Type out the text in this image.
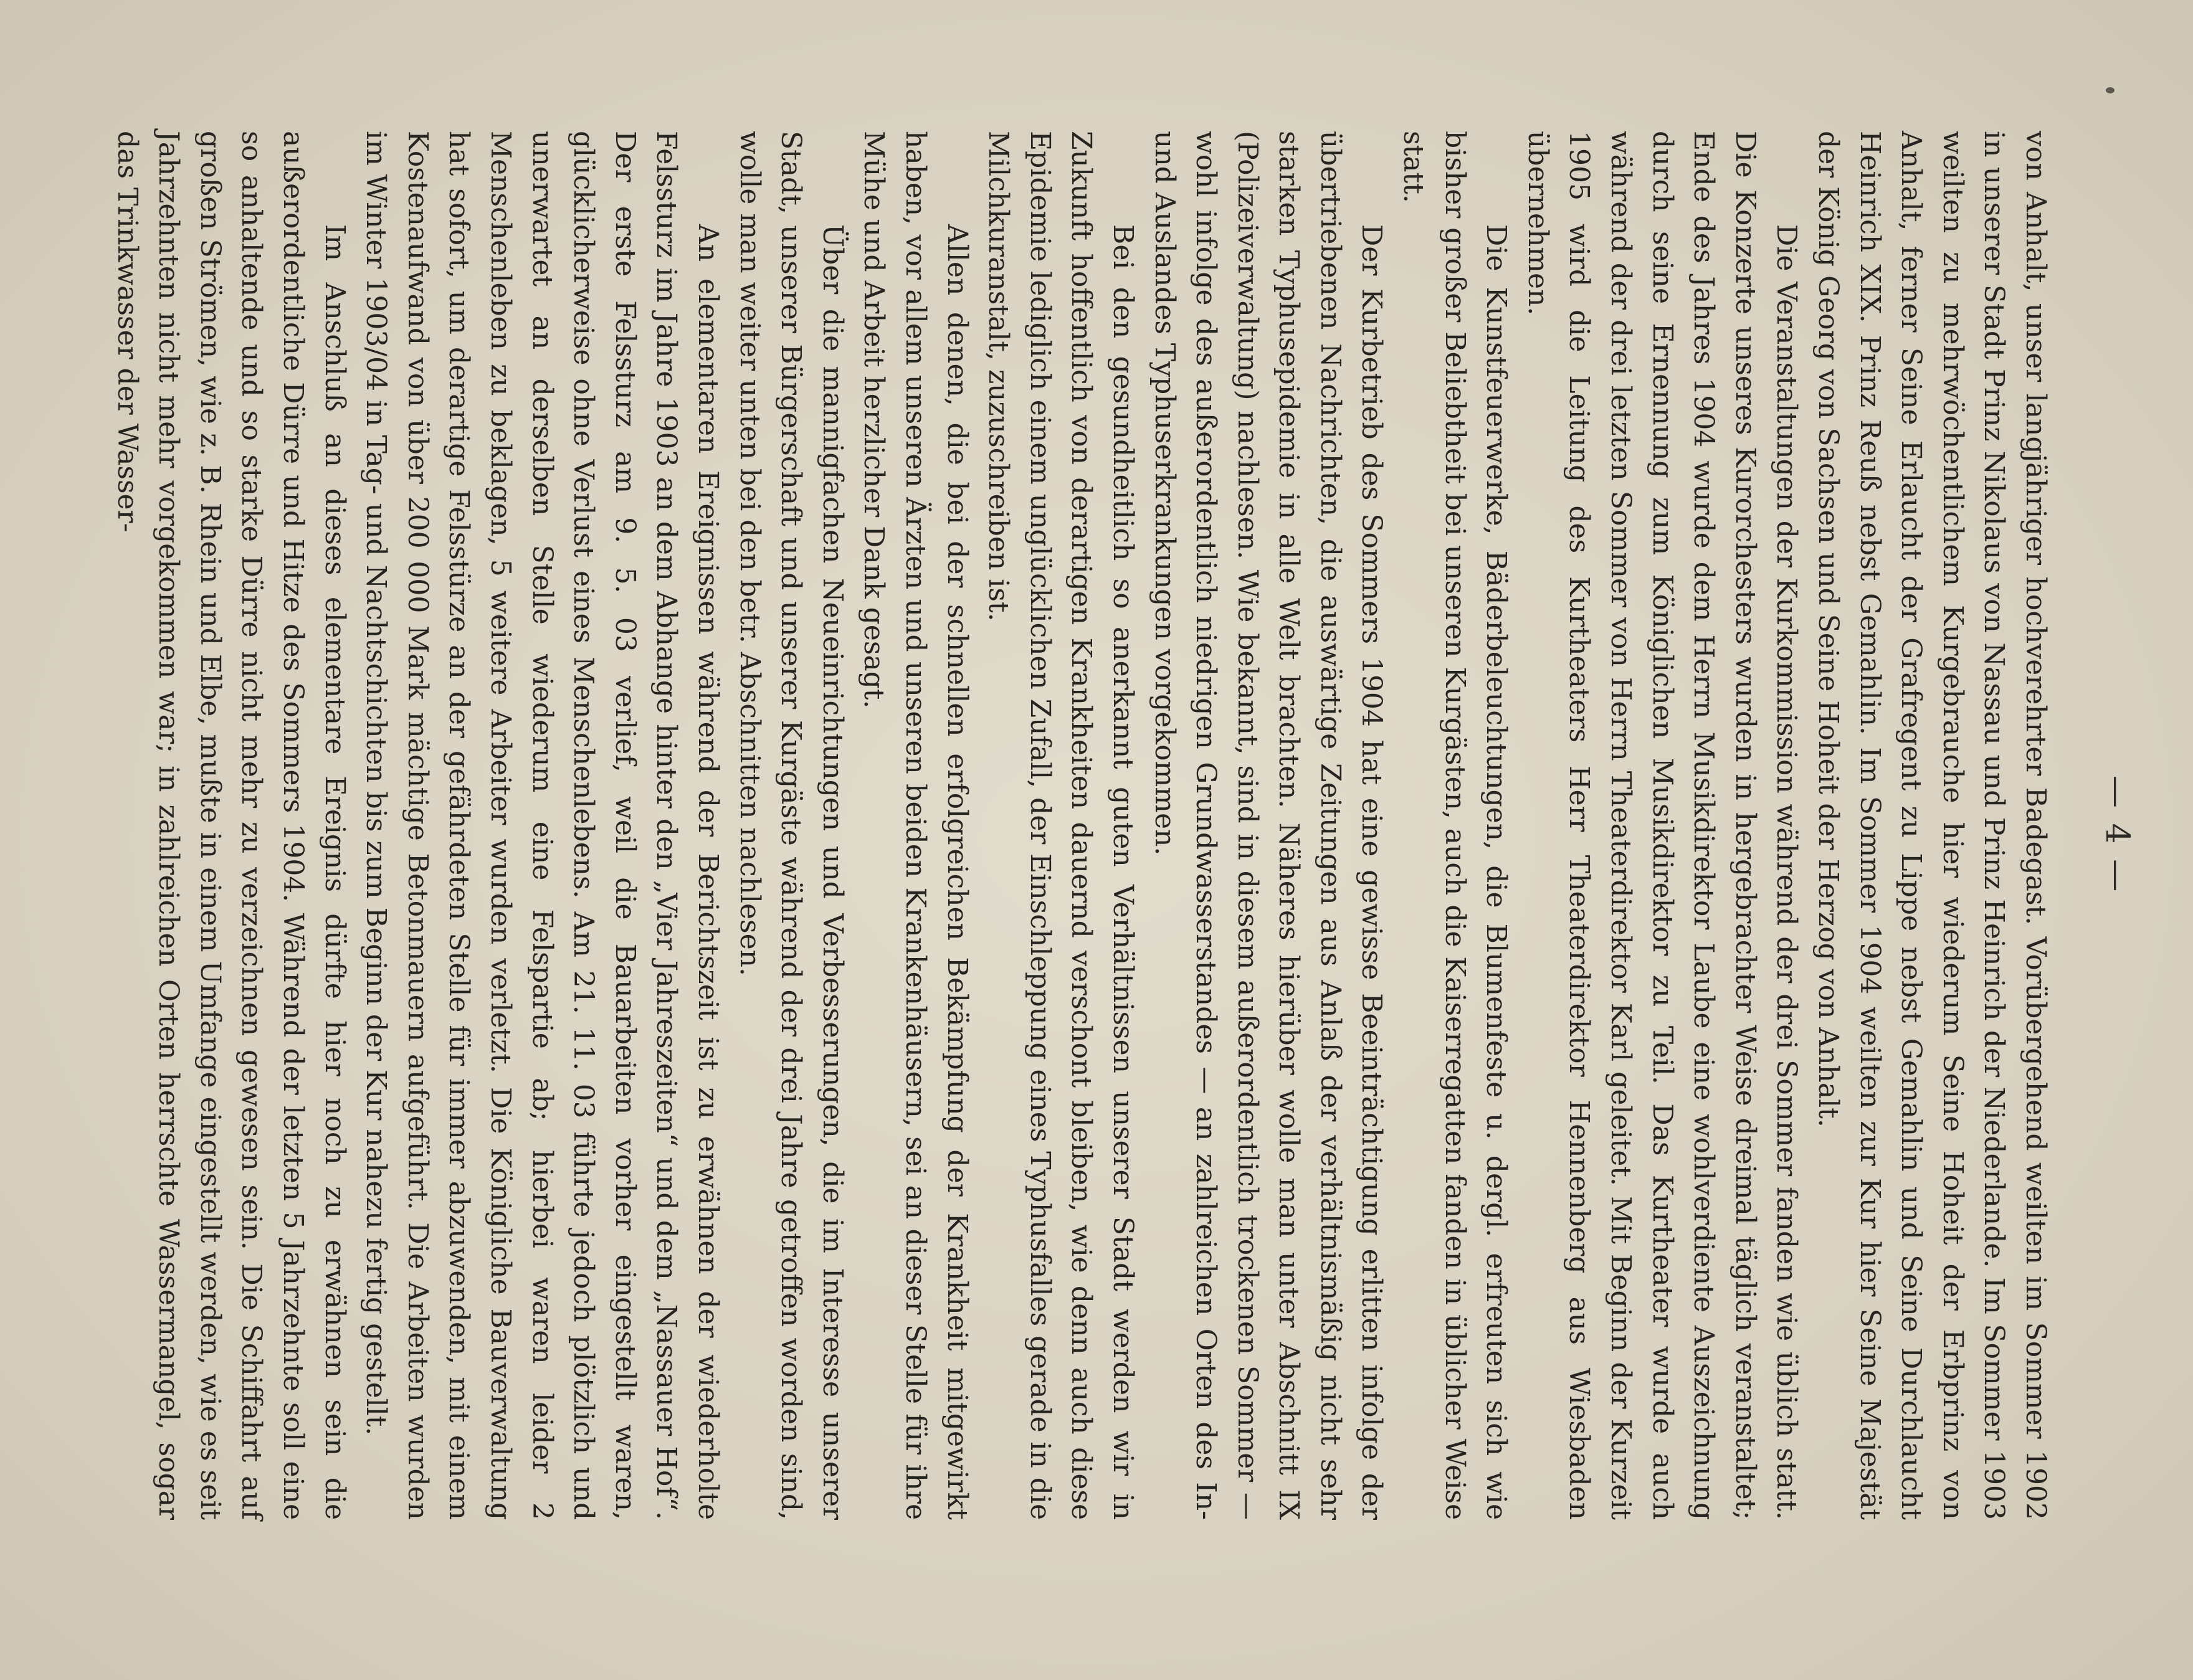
— 4 —

von Anhalt, unser langjähriger hochverehrter Badegast. Vorübergehend weilten im Sommer 1902 in unserer Stadt Prinz Nikolaus von Nassau und Prinz Heinrich der Niederlande. Im Sommer 1903 weilten zu mehrwöchentlichem Kurgebrauche hier wiederum Seine Hoheit der Erbprinz von Anhalt, ferner Seine Erlaucht der Grafregent zu Lippe nebst Gemahlin und Seine Durchlaucht Heinrich XIX. Prinz Reuß nebst Gemahlin. Im Sommer 1904 weilten zur Kur hier Seine Majestät der König Georg von Sachsen und Seine Hoheit der Herzog von Anhalt.

Die Veranstaltungen der Kurkommission während der drei Sommer fanden wie üblich statt. Die Konzerte unseres Kurorchesters wurden in hergebrachter Weise dreimal täglich veranstaltet; Ende des Jahres 1904 wurde dem Herrn Musikdirektor Laube eine wohlverdiente Auszeichnung durch seine Ernennung zum Königlichen Musikdirektor zu Teil. Das Kurtheater wurde auch während der drei letzten Sommer von Herrn Theaterdirektor Karl geleitet. Mit Beginn der Kurzeit 1905 wird die Leitung des Kurtheaters Herr Theaterdirektor Hennenberg aus Wiesbaden übernehmen.

Die Kunstfeuerwerke, Bäderbeleuchtungen, die Blumenfeste u. dergl. erfreuten sich wie bisher großer Beliebtheit bei unseren Kurgästen, auch die Kaiserregatten fanden in üblicher Weise statt.

Der Kurbetrieb des Sommers 1904 hat eine gewisse Beeinträchtigung erlitten infolge der übertriebenen Nachrichten, die auswärtige Zeitungen aus Anlaß der verhältnismäßig nicht sehr starken Typhusepidemie in alle Welt brachten. Näheres hierüber wolle man unter Abschnitt IX (Polizeiverwaltung) nachlesen. Wie bekannt, sind in diesem außerordentlich trockenen Sommer — wohl infolge des außerordentlich niedrigen Grundwasserstandes — an zahlreichen Orten des In- und Auslandes Typhuserkrankungen vorgekommen.

Bei den gesundheitlich so anerkannt guten Verhältnissen unserer Stadt werden wir in Zukunft hoffentlich von derartigen Krankheiten dauernd verschont bleiben, wie denn auch diese Epidemie lediglich einem unglücklichen Zufall, der Einschleppung eines Typhusfalles gerade in die Milchkuranstalt, zuzuschreiben ist.

Allen denen, die bei der schnellen erfolgreichen Bekämpfung der Krankheit mitgewirkt haben, vor allem unseren Ärzten und unseren beiden Krankenhäusern, sei an dieser Stelle für ihre Mühe und Arbeit herzlicher Dank gesagt.

Über die mannigfachen Neueinrichtungen und Verbesserungen, die im Interesse unserer Stadt, unserer Bürgerschaft und unserer Kurgäste während der drei Jahre getroffen worden sind, wolle man weiter unten bei den betr. Abschnitten nachlesen.

An elementaren Ereignissen während der Berichtszeit ist zu erwähnen der wiederholte Felssturz im Jahre 1903 an dem Abhange hinter den „Vier Jahreszeiten“ und dem „Nassauer Hof“. Der erste Felssturz am 9. 5. 03 verlief, weil die Bauarbeiten vorher eingestellt waren, glücklicherweise ohne Verlust eines Menschenlebens. Am 21. 11. 03 führte jedoch plötzlich und unerwartet an derselben Stelle wiederum eine Felspartie ab; hierbei waren leider 2 Menschenleben zu beklagen, 5 weitere Arbeiter wurden verletzt. Die Königliche Bauverwaltung hat sofort, um derartige Felsstürze an der gefährdeten Stelle für immer abzuwenden, mit einem Kostenaufwand von über 200 000 Mark mächtige Betonmauern aufgeführt. Die Arbeiten wurden im Winter 1903/04 in Tag- und Nachtschichten bis zum Beginn der Kur nahezu fertig gestellt.

Im Anschluß an dieses elementare Ereignis dürfte hier noch zu erwähnen sein die außerordentliche Dürre und Hitze des Sommers 1904. Während der letzten 5 Jahrzehnte soll eine so anhaltende und so starke Dürre nicht mehr zu verzeichnen gewesen sein. Die Schiffahrt auf großen Strömen, wie z. B. Rhein und Elbe, mußte in einem Umfange eingestellt werden, wie es seit Jahrzehnten nicht mehr vorgekommen war; in zahlreichen Orten herrschte Wassermangel, sogar das Trinkwasser der Wasser-
